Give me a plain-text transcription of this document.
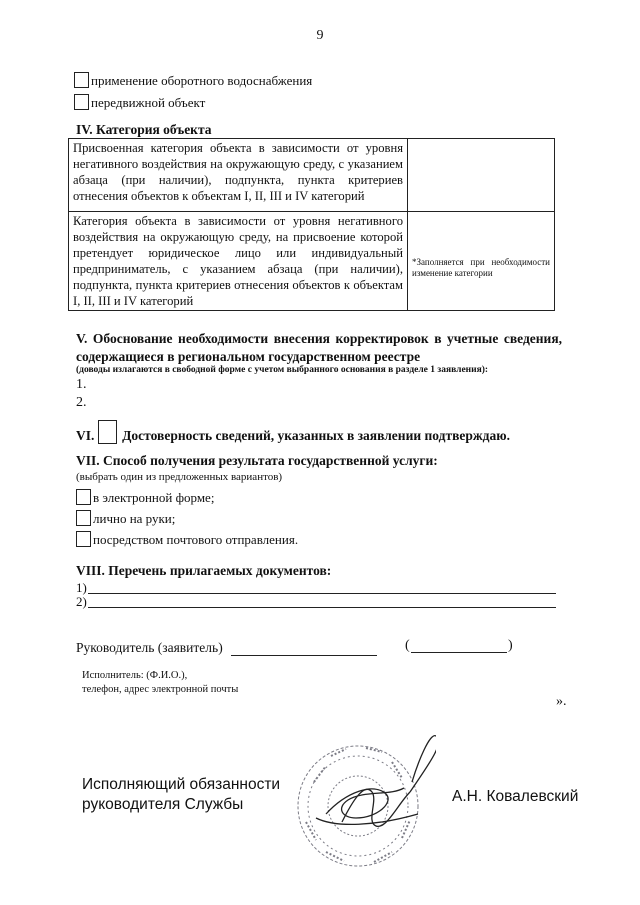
9
применение оборотного водоснабжения
передвижной объект
IV. Категория объекта
Присвоенная категория объекта в зависимости от уровня негативного воздействия на окружающую среду, с указанием абзаца (при наличии), подпункта, пункта критериев отнесения объектов к объектам I, II, III и IV категорий	
Категория объекта в зависимости от уровня негативного воздействия на окружающую среду, на присвоение которой претендует юридическое лицо или индивидуальный предприниматель, с указанием абзаца (при наличии), подпункта, пункта критериев отнесения объектов к объектам I, II, III и IV категорий	*Заполняется при необходимости изменение категории
V. Обоснование необходимости внесения корректировок в учетные сведения, содержащиеся в региональном государственном реестре
(доводы излагаются в свободной форме с учетом выбранного основания в разделе 1 заявления):
1.
2.
VI. Достоверность сведений, указанных в заявлении подтверждаю.
VII. Способ получения результата государственной услуги:
(выбрать один из предложенных вариантов)
в электронной форме;
лично на руки;
посредством почтового отправления.
VIII. Перечень прилагаемых документов:
1)
2)
Руководитель (заявитель)	(	)
Исполнитель: (Ф.И.О.),
телефон, адрес электронной почты
».
Исполняющий обязанности
руководителя Службы	А.Н. Ковалевский
